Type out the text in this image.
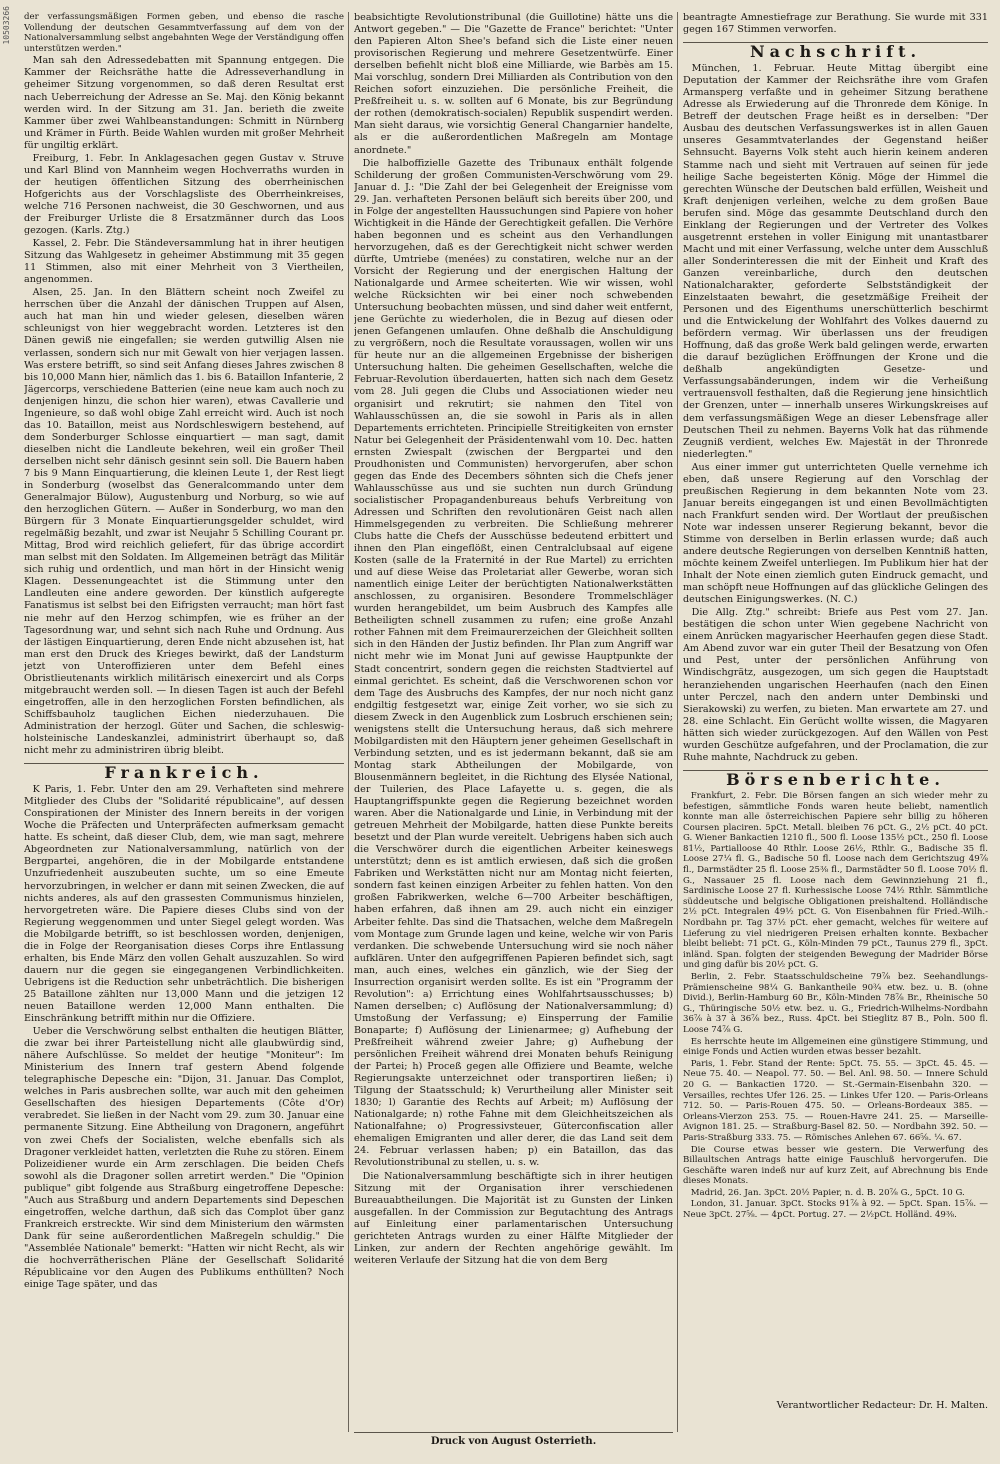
10503266 der verfassungsmäßigen Formen geben, und ebenso die rasche Vollendung der deutschen Gesammtverfassung auf dem von der Nationalversammlung selbst angebahnten Wege der Verständigung offen unterstützen werden."

Man sah den Adressedebatten mit Spannung entgegen. Die Kammer der Reichsräthe hatte die Adresseverhandlung in geheimer Sitzung vorgenommen, so daß deren Resultat erst nach Ueberreichung der Adresse an Se. Maj. den König bekannt werden wird. In der Sitzung am 31. Jan. berieth die zweite Kammer über zwei Wahlbeanstandungen: Schmitt in Nürnberg und Krämer in Fürth. Beide Wahlen wurden mit großer Mehrheit für ungiltig erklärt.

Freiburg, 1. Febr. In Anklagesachen gegen Gustav v. Struve und Karl Blind von Mannheim wegen Hochverraths wurden in der heutigen öffentlichen Sitzung des oberrheinischen Hofgerichts aus der Vorschlagsliste des Oberrheinkreises, welche 716 Personen nachweist, die 30 Geschwornen, und aus der Freiburger Urliste die 8 Ersatzmänner durch das Loos gezogen. (Karls. Ztg.)

Kassel, 2. Febr. Die Ständeversammlung hat in ihrer heutigen Sitzung das Wahlgesetz in geheimer Abstimmung mit 35 gegen 11 Stimmen, also mit einer Mehrheit von 3 Viertheilen, angenommen.

Alsen, 25. Jan. In den Blättern scheint noch Zweifel zu herrschen über die Anzahl der dänischen Truppen auf Alsen, auch hat man hin und wieder gelesen, dieselben wären schleunigst von hier weggebracht worden. Letzteres ist den Dänen gewiß nie eingefallen; sie werden gutwillig Alsen nie verlassen, sondern sich nur mit Gewalt von hier verjagen lassen. Was erstere betrifft, so sind seit Anfang dieses Jahres zwischen 8 bis 10,000 Mann hier, nämlich das 1. bis 6. Bataillon Infanterie, 2 Jägercorps, verschiedene Batterien (eine neue kam auch noch zu denjenigen hinzu, die schon hier waren), etwas Cavallerie und Ingenieure, so daß wohl obige Zahl erreicht wird. Auch ist noch das 10. Bataillon, meist aus Nordschleswigern bestehend, auf dem Sonderburger Schlosse einquartiert — man sagt, damit dieselben nicht die Landleute bekehren, weil ein großer Theil derselben nicht sehr dänisch gesinnt sein soll. Die Bauern haben 7 bis 9 Mann Einquartierung, die kleinen Leute 1, der Rest liegt in Sonderburg (woselbst das Generalcommando unter dem Generalmajor Bülow), Augustenburg und Norburg, so wie auf den herzoglichen Gütern. — Außer in Sonderburg, wo man den Bürgern für 3 Monate Einquartierungsgelder schuldet, wird regelmäßig bezahlt, und zwar ist Neujahr 5 Schilling Courant pr. Mittag, Brod wird reichlich geliefert, für das übrige accordirt man selbst mit den Soldaten. Im Allgemeinen beträgt das Militär sich ruhig und ordentlich, und man hört in der Hinsicht wenig Klagen. Dessenungeachtet ist die Stimmung unter den Landleuten eine andere geworden. Der künstlich aufgeregte Fanatismus ist selbst bei den Eifrigsten verraucht; man hört fast nie mehr auf den Herzog schimpfen, wie es früher an der Tagesordnung war, und sehnt sich nach Ruhe und Ordnung. Aus der lästigen Einquartierung, deren Ende nicht abzusehen ist, hat man erst den Druck des Krieges bewirkt, daß der Landsturm jetzt von Unteroffizieren unter dem Befehl eines Obristlieutenants wirklich militärisch einexercirt und als Corps mitgebraucht werden soll. — In diesen Tagen ist auch der Befehl eingetroffen, alle in den herzoglichen Forsten befindlichen, als Schiffsbauholz tauglichen Eichen niederzuhauen. Die Administration der herzogl. Güter und Sachen, die schleswig-holsteinische Landeskanzlei, administrirt überhaupt so, daß nicht mehr zu administriren übrig bleibt.

Frankreich.

K Paris, 1. Febr. Unter den am 29. Verhafteten sind mehrere Mitglieder des Clubs der "Solidarité républicaine", auf dessen Conspirationen der Minister des Innern bereits in der vorigen Woche die Präfecten und Unterpräfecten aufmerksam gemacht hatte. Es scheint, daß dieser Club, dem, wie man sagt, mehrere Abgeordneten zur Nationalversammlung, natürlich von der Bergpartei, angehören, die in der Mobilgarde entstandene Unzufriedenheit auszubeuten suchte, um so eine Emeute hervorzubringen, in welcher er dann mit seinen Zwecken, die auf nichts anderes, als auf den grassesten Communismus hinzielen, hervorgetreten wäre. Die Papiere dieses Clubs sind von der Regierung weggenommen und unter Siegel gelegt worden. Was die Mobilgarde betrifft, so ist beschlossen worden, denjenigen, die in Folge der Reorganisation dieses Corps ihre Entlassung erhalten, bis Ende März den vollen Gehalt auszuzahlen. So wird dauern nur die gegen sie eingegangenen Verbindlichkeiten. Uebrigens ist die Reduction sehr unbeträchtlich. Die bisherigen 25 Bataillone zählten nur 13,000 Mann und die jetzigen 12 neuen Bataillone werden 12,000 Mann enthalten. Die Einschränkung betrifft mithin nur die Offiziere.

Ueber die Verschwörung selbst enthalten die heutigen Blätter, die zwar bei ihrer Parteistellung nicht alle glaubwürdig sind, nähere Aufschlüsse. So meldet der heutige "Moniteur": Im Ministerium des Innern traf gestern Abend folgende telegraphische Depesche ein: "Dijon, 31. Januar. Das Complot, welches in Paris ausbrechen sollte, war auch mit den geheimen Gesellschaften des hiesigen Departements (Côte d'Or) verabredet. Sie ließen in der Nacht vom 29. zum 30. Januar eine permanente Sitzung. Eine Abtheilung von Dragonern, angeführt von zwei Chefs der Socialisten, welche ebenfalls sich als Dragoner verkleidet hatten, verletzten die Ruhe zu stören. Einem Polizeidiener wurde ein Arm zerschlagen. Die beiden Chefs sowohl als die Dragoner sollen arretirt werden." Die "Opinion publique" gibt folgende aus Straßburg eingetroffene Depesche: "Auch aus Straßburg und andern Departements sind Depeschen eingetroffen, welche darthun, daß sich das Complot über ganz Frankreich erstreckte. Wir sind dem Ministerium den wärmsten Dank für seine außerordentlichen Maßregeln schuldig." Die "Assemblée Nationale" bemerkt: "Hatten wir nicht Recht, als wir die hochverrätherischen Pläne der Gesellschaft Solidarité Républicaine vor den Augen des Publikums enthüllten? Noch einige Tage später, und das

beabsichtigte Revolutionstribunal (die Guillotine) hätte uns die Antwort gegeben." — Die "Gazette de France" berichtet: "Unter den Papieren Alton Shee's befand sich die Liste einer neuen provisorischen Regierung und mehrere Gesetzentwürfe. Einer derselben befiehlt nicht bloß eine Milliarde, wie Barbès am 15. Mai vorschlug, sondern Drei Milliarden als Contribution von den Reichen sofort einzuziehen. Die persönliche Freiheit, die Preßfreiheit u. s. w. sollten auf 6 Monate, bis zur Begründung der rothen (demokratisch-socialen) Republik suspendirt werden. Man sieht daraus, wie vorsichtig General Changarnier handelte, als er die außerordentlichen Maßregeln am Montage anordnete."

Die halboffizielle Gazette des Tribunaux enthält folgende Schilderung der großen Communisten-Verschwörung vom 29. Januar d. J.: "Die Zahl der bei Gelegenheit der Ereignisse vom 29. Jan. verhafteten Personen beläuft sich bereits über 200, und in Folge der angestellten Haussuchungen sind Papiere von hoher Wichtigkeit in die Hände der Gerechtigkeit gefallen. Die Verhöre haben begonnen und es scheint aus den Verhandlungen hervorzugehen, daß es der Gerechtigkeit nicht schwer werden dürfte, Umtriebe (menées) zu constatiren, welche nur an der Vorsicht der Regierung und der energischen Haltung der Nationalgarde und Armee scheiterten. Wie wir wissen, wohl welche Rücksichten wir bei einer noch schwebenden Untersuchung beobachten müssen, und sind daher weit entfernt, jene Gerüchte zu wiederholen, die in Bezug auf diesen oder jenen Gefangenen umlaufen. Ohne deßhalb die Anschuldigung zu vergrößern, noch die Resultate voraussagen, wollen wir uns für heute nur an die allgemeinen Ergebnisse der bisherigen Untersuchung halten. Die geheimen Gesellschaften, welche die Februar-Revolution überdauerten, hatten sich nach dem Gesetz vom 28. Juli gegen die Clubs und Associationen wieder neu organisirt und rekrutirt; sie nahmen den Titel von Wahlausschüssen an, die sie sowohl in Paris als in allen Departements errichteten. Principielle Streitigkeiten von ernster Natur bei Gelegenheit der Präsidentenwahl vom 10. Dec. hatten ernsten Zwiespalt (zwischen der Bergpartei und den Proudhonisten und Communisten) hervorgerufen, aber schon gegen das Ende des Decembers söhnten sich die Chefs jener Wahlausschüsse aus und sie suchten nun durch Gründung socialistischer Propagandenbureaus behufs Verbreitung von Adressen und Schriften den revolutionären Geist nach allen Himmelsgegenden zu verbreiten. Die Schließung mehrerer Clubs hatte die Chefs der Ausschüsse bedeutend erbittert und ihnen den Plan eingeflößt, einen Centralclubsaal auf eigene Kosten (salle de la Fraternité in der Rue Martel) zu errichten und auf diese Weise das Proletariat aller Gewerbe, woran sich namentlich einige Leiter der berüchtigten Nationalwerkstätten anschlossen, zu organisiren. Besondere Trommelschläger wurden herangebildet, um beim Ausbruch des Kampfes alle Betheiligten schnell zusammen zu rufen; eine große Anzahl rother Fahnen mit dem Freimaurerzeichen der Gleichheit sollten sich in den Händen der Justiz befinden. Ihr Plan zum Angriff war nicht mehr wie im Monat Juni auf gewisse Hauptpunkte der Stadt concentrirt, sondern gegen die reichsten Stadtviertel auf einmal gerichtet. Es scheint, daß die Verschworenen schon vor dem Tage des Ausbruchs des Kampfes, der nur noch nicht ganz endgiltig festgesetzt war, einige Zeit vorher, wo sie sich zu diesem Zweck in den Augenblick zum Losbruch erschienen sein; wenigstens stellt die Untersuchung heraus, daß sich mehrere Mobilgardisten mit den Häuptern jener geheimen Gesellschaft in Verbindung setzten, und es ist jedermann bekannt, daß sie am Montag stark Abtheilungen der Mobilgarde, von Blousenmännern begleitet, in die Richtung des Elysée National, der Tuilerien, des Place Lafayette u. s. gegen, die als Hauptangriffspunkte gegen die Regierung bezeichnet worden waren. Aber die Nationalgarde und Linie, in Verbindung mit der getreuen Mehrheit der Mobilgarde, hatten diese Punkte bereits besetzt und der Plan wurde vereitelt. Uebrigens haben sich auch die Verschwörer durch die eigentlichen Arbeiter keineswegs unterstützt; denn es ist amtlich erwiesen, daß sich die großen Fabriken und Werkstätten nicht nur am Montag nicht feierten, sondern fast keinen einzigen Arbeiter zu fehlen hatten. Von den großen Fabrikwerken, welche 6—700 Arbeiter beschäftigen, haben erfahren, daß ihnen am 29. auch nicht ein einziger Arbeiter fehlte. Das sind die Thatsachen, welche dem Maßregeln vom Montage zum Grunde lagen und keine, welche wir von Paris verdanken. Die schwebende Untersuchung wird sie noch näher aufklären. Unter den aufgegriffenen Papieren befindet sich, sagt man, auch eines, welches ein gänzlich, wie der Sieg der Insurrection organisirt werden sollte. Es ist ein "Programm der Revolution": a) Errichtung eines Wohlfahrtsausschusses; b) Namen derselben; c) Auflösung der Nationalversammlung; d) Umstoßung der Verfassung; e) Einsperrung der Familie Bonaparte; f) Auflösung der Linienarmee; g) Aufhebung der Preßfreiheit während zweier Jahre; g) Aufhebung der persönlichen Freiheit während drei Monaten behufs Reinigung der Partei; h) Proceß gegen alle Offiziere und Beamte, welche Regierungsakte unterzeichnet oder transportiren ließen; i) Tilgung der Staatsschuld; k) Verurtheilung aller Minister seit 1830; l) Garantie des Rechts auf Arbeit; m) Auflösung der Nationalgarde; n) rothe Fahne mit dem Gleichheitszeichen als Nationalfahne; o) Progressivsteuer, Güterconfiscation aller ehemaligen Emigranten und aller derer, die das Land seit dem 24. Februar verlassen haben; p) ein Bataillon, das das Revolutionstribunal zu stellen, u. s. w.

Die Nationalversammlung beschäftigte sich in ihrer heutigen Sitzung mit der Organisation ihrer verschiedenen Bureauabtheilungen. Die Majorität ist zu Gunsten der Linken ausgefallen. In der Commission zur Begutachtung des Antrags auf Einleitung einer parlamentarischen Untersuchung gerichteten Antrags wurden zu einer Hälfte Mitglieder der Linken, zur andern der Rechten angehörige gewählt. Im weiteren Verlaufe der Sitzung hat die von dem Berg

beantragte Amnestiefrage zur Berathung. Sie wurde mit 331 gegen 167 Stimmen verworfen.

Nachschrift.

München, 1. Februar. Heute Mittag übergibt eine Deputation der Kammer der Reichsräthe ihre vom Grafen Armansperg verfaßte und in geheimer Sitzung berathene Adresse als Erwiederung auf die Thronrede dem Könige. In Betreff der deutschen Frage heißt es in derselben: "Der Ausbau des deutschen Verfassungswerkes ist in allen Gauen unseres Gesammtvaterlandes der Gegenstand heißer Sehnsucht. Bayerns Volk steht auch hierin keinem anderen Stamme nach und sieht mit Vertrauen auf seinen für jede heilige Sache begeisterten König. Möge der Himmel die gerechten Wünsche der Deutschen bald erfüllen, Weisheit und Kraft denjenigen verleihen, welche zu dem großen Baue berufen sind. Möge das gesammte Deutschland durch den Einklang der Regierungen und der Vertreter des Volkes ausgetrennt erstehen in voller Einigung mit unantastbarer Macht und mit einer Verfassung, welche unter dem Ausschluß aller Sonderinteressen die mit der Einheit und Kraft des Ganzen vereinbarliche, durch den deutschen Nationalcharakter, geforderte Selbstständigkeit der Einzelstaaten bewahrt, die gesetzmäßige Freiheit der Personen und des Eigenthums unerschütterlich beschirmt und die Entwickelung der Wohlfahrt des Volkes dauernd zu befördern vermag. Wir überlassen uns der freudigen Hoffnung, daß das große Werk bald gelingen werde, erwarten die darauf bezüglichen Eröffnungen der Krone und die deßhalb angekündigten Gesetze- und Verfassungsabänderungen, indem wir die Verheißung vertrauensvoll festhalten, daß die Regierung jene hinsichtlich der Grenzen, unter — innerhalb unseres Wirkungskreises auf dem verfassungsmäßigen Wege an dieser Lebensfrage aller Deutschen Theil zu nehmen. Bayerns Volk hat das rühmende Zeugniß verdient, welches Ew. Majestät in der Thronrede niederlegten."

Aus einer immer gut unterrichteten Quelle vernehme ich eben, daß unsere Regierung auf den Vorschlag der preußischen Regierung in dem bekannten Note vom 23. Januar bereits eingegangen ist und einen Bevollmächtigten nach Frankfurt senden wird. Der Wortlaut der preußischen Note war indessen unserer Regierung bekannt, bevor die Stimme von derselben in Berlin erlassen wurde; daß auch andere deutsche Regierungen von derselben Kenntniß hatten, möchte keinem Zweifel unterliegen. Im Publikum hier hat der Inhalt der Note einen ziemlich guten Eindruck gemacht, und man schöpft neue Hoffnungen auf das glückliche Gelingen des deutschen Einigungswerkes. (N. C.)

Die Allg. Ztg." schreibt: Briefe aus Pest vom 27. Jan. bestätigen die schon unter Wien gegebene Nachricht von einem Anrücken magyarischer Heerhaufen gegen diese Stadt. Am Abend zuvor war ein guter Theil der Besatzung von Ofen und Pest, unter der persönlichen Anführung von Windischgrätz, ausgezogen, um sich gegen die Hauptstadt heranziehenden ungarischen Heerhaufen (nach den Einen unter Perczel, nach den andern unter Dembinski und Sierakowski) zu werfen, zu bieten. Man erwartete am 27. und 28. eine Schlacht. Ein Gerücht wollte wissen, die Magyaren hätten sich wieder zurückgezogen. Auf den Wällen von Pest wurden Geschütze aufgefahren, und der Proclamation, die zur Ruhe mahnte, Nachdruck zu geben.

Börsenberichte.

Frankfurt, 2. Febr. Die Börsen fangen an sich wieder mehr zu befestigen, sämmtliche Fonds waren heute beliebt, namentlich konnte man alle österreichischen Papiere sehr billig zu höheren Coursen placiren. 5pCt. Metall. bleiben 76 pCt. G., 2½ pCt. 40 pCt. G. Wiener Bankactien 1210 fl., 500 fl. Loose 135½ pCt., 250 fl. Loose 81½, Partialloose 40 Rthlr. Loose 26½, Rthlr. G., Badische 35 fl. Loose 27¼ fl. G., Badische 50 fl. Loose nach dem Gerichtszug 49⅞ fl., Darmstädter 25 fl. Loose 25⅜ fl., Darmstädter 50 fl. Loose 70½ fl. G., Nassauer 25 fl. Loose nach dem Gewinnziehung 21 fl., Sardinische Loose 27 fl. Kurhessische Loose 74½ Rthlr. Sämmtliche süddeutsche und belgische Obligationen preishaltend. Holländische 2½ pCt. Integralen 49½ pCt. G. Von Eisenbahnen für Fried.-Wilh.-Nordbahn pr. Tag 37½ pCt. eher gemacht, welches für weitere auf Lieferung zu viel niedrigeren Preisen erhalten konnte. Bexbacher bleibt beliebt: 71 pCt. G., Köln-Minden 79 pCt., Taunus 279 fl., 3pCt. inländ. Span. folgten der steigenden Bewegung der Madrider Börse und ging dafür bis 20½ pCt. G.

Berlin, 2. Febr. Staatsschuldscheine 79⅞ bez. Seehandlungs-Prämienscheine 98¼ G. Bankantheile 90¾ etw. bez. u. B. (ohne Divid.), Berlin-Hamburg 60 Br., Köln-Minden 78⅞ Br., Rheinische 50 G., Thüringische 50½ etw. bez. u. G., Friedrich-Wilhelms-Nordbahn 36⅞ à 37 à 36⅞ bez., Russ. 4pCt. bei Stieglitz 87 B., Poln. 500 fl. Loose 74⅞ G.

Es herrschte heute im Allgemeinen eine günstigere Stimmung, und einige Fonds und Actien wurden etwas besser bezahlt.

Paris, 1. Febr. Stand der Rente: 5pCt. 75. 55. — 3pCt. 45. 45. — Neue 75. 40. — Neapol. 77. 50. — Bel. Anl. 98. 50. — Innere Schuld 20 G. — Bankactien 1720. — St.-Germain-Eisenbahn 320. — Versailles, rechtes Ufer 126. 25. — Linkes Ufer 120. — Paris-Orleans 712. 50. — Paris-Rouen 475. 50. — Orleans-Bordeaux 385. — Orleans-Vierzon 253. 75. — Rouen-Havre 241. 25. — Marseille-Avignon 181. 25. — Straßburg-Basel 82. 50. — Nordbahn 392. 50. — Paris-Straßburg 333. 75. — Römisches Anlehen 67. 66⅝. ¼. 67.

Die Course etwas besser wie gestern. Die Verwerfung des Billaultschen Antrags hatte einige Fauschluß hervorgerufen. Die Geschäfte waren indeß nur auf kurz Zeit, auf Abrechnung bis Ende dieses Monats.

Madrid, 26. Jan. 3pCt. 20½ Papier, n. d. B. 20⅞ G., 5pCt. 10 G.

London, 31. Januar. 3pCt. Stocks 91⅞ à 92. — 5pCt. Span. 15⅞. — Neue 3pCt. 27⅝. — 4pCt. Portug. 27. — 2½pCt. Holländ. 49⅜.

Verantwortlicher Redacteur: Dr. H. Malten.
Druck von August Osterrieth.
